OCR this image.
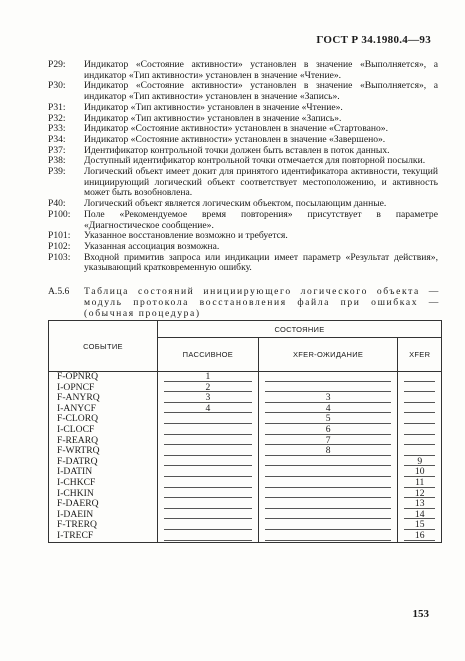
ГОСТ Р 34.1980.4—93
P29:	Индикатор «Состояние активности» установлен в значение «Выполняется», а индикатор «Тип активности» установлен в значение «Чтение».
P30:	Индикатор «Состояние активности» установлен в значение «Выполняется», а индикатор «Тип активности» установлен в значение «Запись».
P31:	Индикатор «Тип активности» установлен в значение «Чтение».
P32:	Индикатор «Тип активности» установлен в значение «Запись».
P33:	Индикатор «Состояние активности» установлен в значение «Стартовано».
P34:	Индикатор «Состояние активности» установлен в значение «Завершено».
P37:	Идентификатор контрольной точки должен быть вставлен в поток данных.
P38:	Доступный идентификатор контрольной точки отмечается для повторной посылки.
P39:	Логический объект имеет докит для принятого идентификатора активности, текущий инициирующий логический объект соответствует местоположению, и активность может быть возобновлена.
P40:	Логический объект является логическим объектом, посылающим данные.
P100:	Поле «Рекомендуемое время повторения» присутствует в параметре «Диагностическое сообщение».
P101:	Указанное восстановление возможно и требуется.
P102:	Указанная ассоциация возможна.
P103:	Входной примитив запроса или индикации имеет параметр «Результат действия», указывающий кратковременную ошибку.
A.5.6	Таблица состояний инициирующего логического объекта — модуль протокола восстановления файла при ошибках — (обычная процедура)
СОБЫТИЕ	СОСТОЯНИЕ		
	ПАССИВНОЕ	XFER-ОЖИДАНИЕ	XFER
F-OPNRQ	1	

I-OPNCF	2	

F-ANYRQ	3	3	

I-ANYCF	4	4	

F-CLORQ		5	

I-CLOCF		6	

F-REARQ		7	

F-WRTRQ		8	

F-DATRQ			9
I-DATIN			10
I-CHKCF			11
I-CHKIN			12
F-DAERQ			13
I-DAEIN			14
F-TRERQ			15
I-TRECF			16
153
